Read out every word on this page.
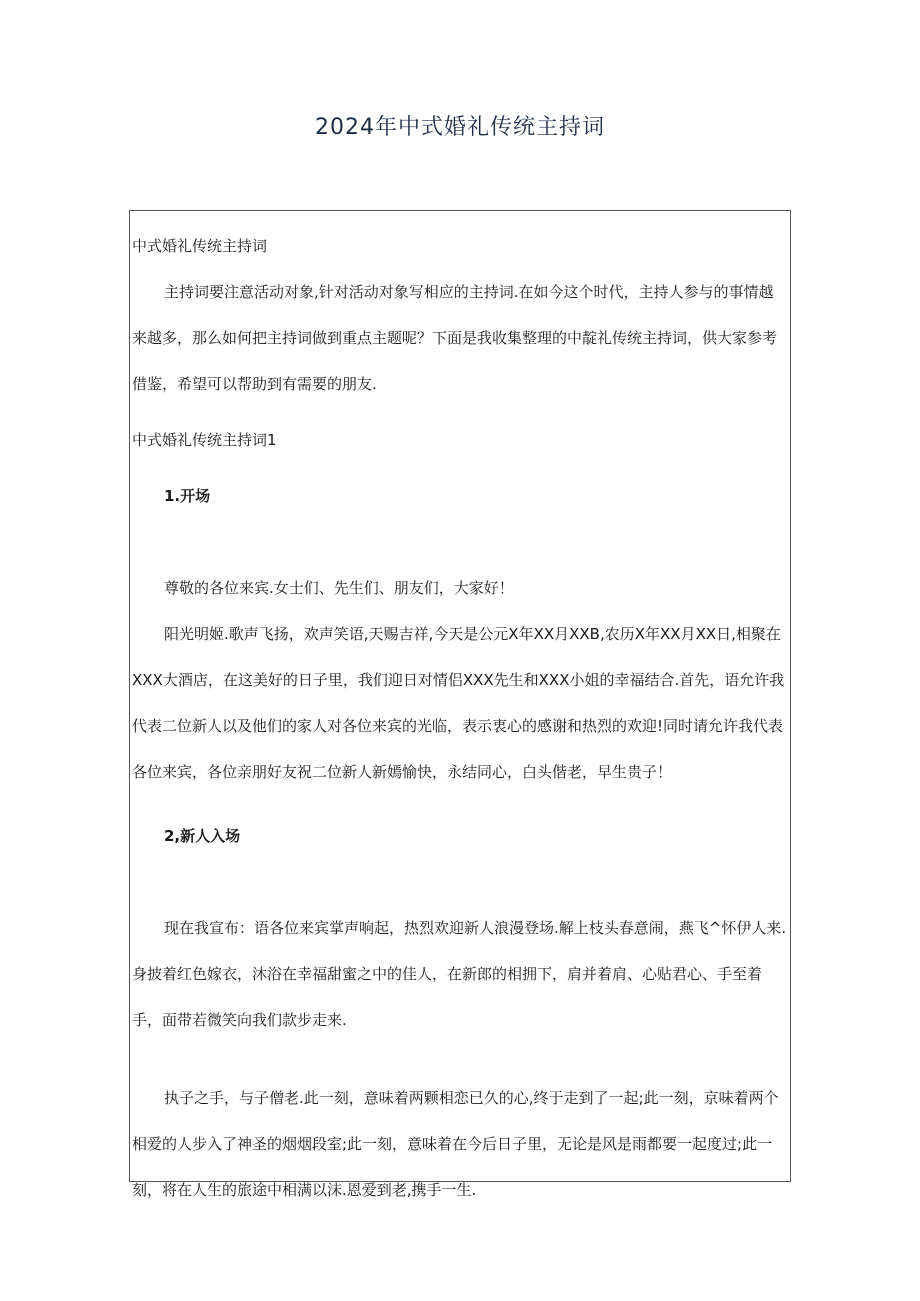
2024年中式婚礼传统主持词

中式婚礼传统主持词

主持词要注意活动对象,针对活动对象写相应的主持词.在如今这个时代，主持人参与的事情越来越多，那么如何把主持词做到重点主题呢？下面是我收集整理的中靛礼传统主持词，供大家参考借鉴，希望可以帮助到有需要的朋友.

中式婚礼传统主持词1

1.开场

尊敬的各位来宾.女士们、先生们、朋友们，大家好！

阳光明姬.歌声飞扬，欢声笑语,天赐吉祥,今天是公元X年XX月XXB,农历X年XX月XX日,相聚在XXX大酒店，在这美好的日子里，我们迎日对情侣XXX先生和XXX小姐的幸福结合.首先，语允许我代表二位新人以及他们的家人对各位来宾的光临，表示衷心的感谢和热烈的欢迎!同时请允许我代表各位来宾，各位亲朋好友祝二位新人新嫣愉快，永结同心，白头偕老，早生贵子！

2,新人入场

现在我宣布：语各位来宾掌声响起，热烈欢迎新人浪漫登场.解上枝头春意闹，燕飞^怀伊人来.身披着红色嫁衣，沐浴在幸福甜蜜之中的佳人，在新郎的相拥下，肩并着肩、心贴君心、手至着手，面带若微笑向我们款步走来.

执子之手，与子僧老.此一刻，意味着两颗相恋已久的心,终于走到了一起;此一刻，京味着两个相爱的人步入了神圣的烟烟段室;此一刻，意味着在今后日子里，无论是风是雨都要一起度过;此一刻，将在人生的旅途中相满以沫.恩爱到老,携手一生.
